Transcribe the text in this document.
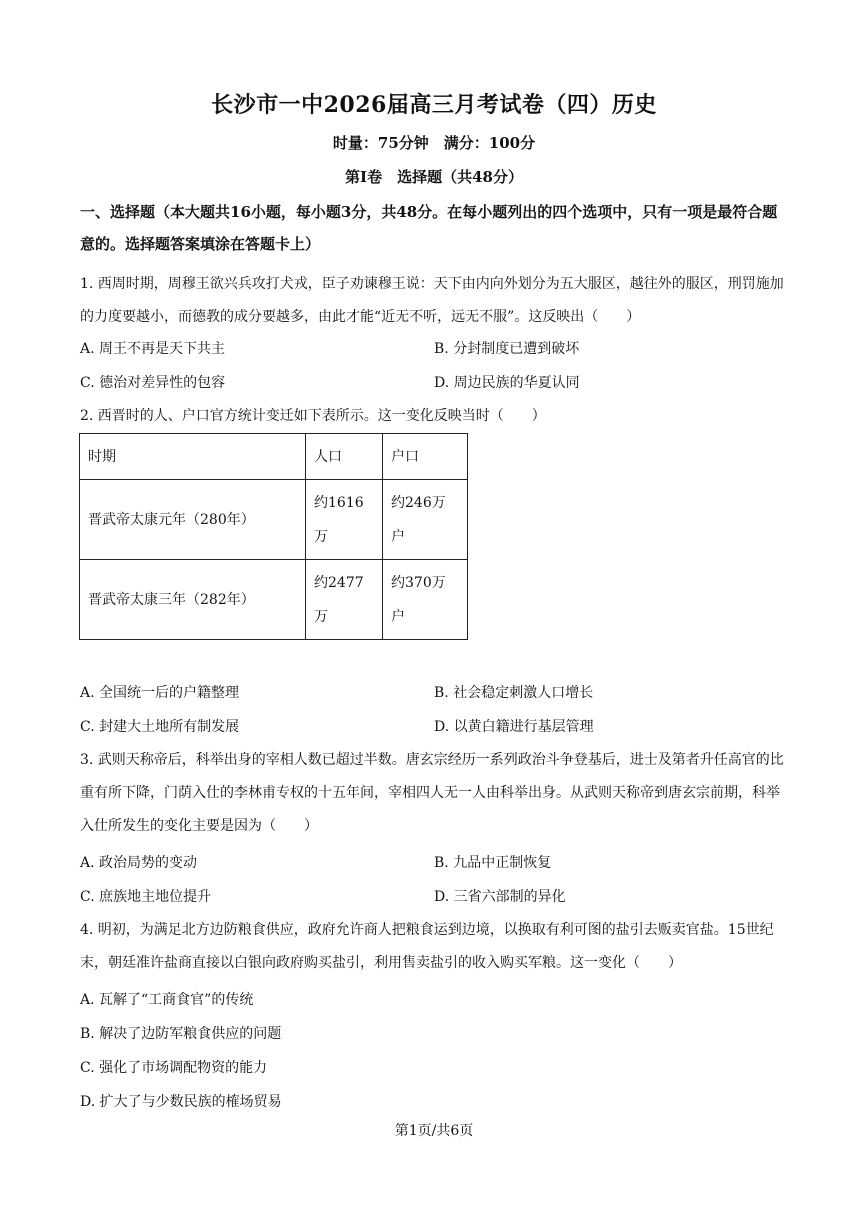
长沙市一中2026届高三月考试卷（四）历史
时量：75分钟　满分：100分
第Ⅰ卷　选择题（共48分）
一、选择题（本大题共16小题，每小题3分，共48分。在每小题列出的四个选项中，只有一项是最符合题意的。选择题答案填涂在答题卡上）
1. 西周时期，周穆王欲兴兵攻打犬戎，臣子劝谏穆王说：天下由内向外划分为五大服区，越往外的服区，刑罚施加的力度要越小，而德教的成分要越多，由此才能“近无不听，远无不服”。这反映出（　　）
A. 周王不再是天下共主	B. 分封制度已遭到破坏
C. 德治对差异性的包容	D. 周边民族的华夏认同
2. 西晋时的人、户口官方统计变迁如下表所示。这一变化反映当时（　　）
时期	人口	户口
晋武帝太康元年（280年）	约1616万	约246万户
晋武帝太康三年（282年）	约2477万	约370万户
A. 全国统一后的户籍整理	B. 社会稳定刺激人口增长
C. 封建大土地所有制发展	D. 以黄白籍进行基层管理
3. 武则天称帝后，科举出身的宰相人数已超过半数。唐玄宗经历一系列政治斗争登基后，进士及第者升任高官的比重有所下降，门荫入仕的李林甫专权的十五年间，宰相四人无一人由科举出身。从武则天称帝到唐玄宗前期，科举入仕所发生的变化主要是因为（　　）
A. 政治局势的变动	B. 九品中正制恢复
C. 庶族地主地位提升	D. 三省六部制的异化
4. 明初，为满足北方边防粮食供应，政府允许商人把粮食运到边境，以换取有利可图的盐引去贩卖官盐。15世纪末，朝廷准许盐商直接以白银向政府购买盐引，利用售卖盐引的收入购买军粮。这一变化（　　）
A. 瓦解了“工商食官”的传统
B. 解决了边防军粮食供应的问题
C. 强化了市场调配物资的能力
D. 扩大了与少数民族的榷场贸易
第1页/共6页
